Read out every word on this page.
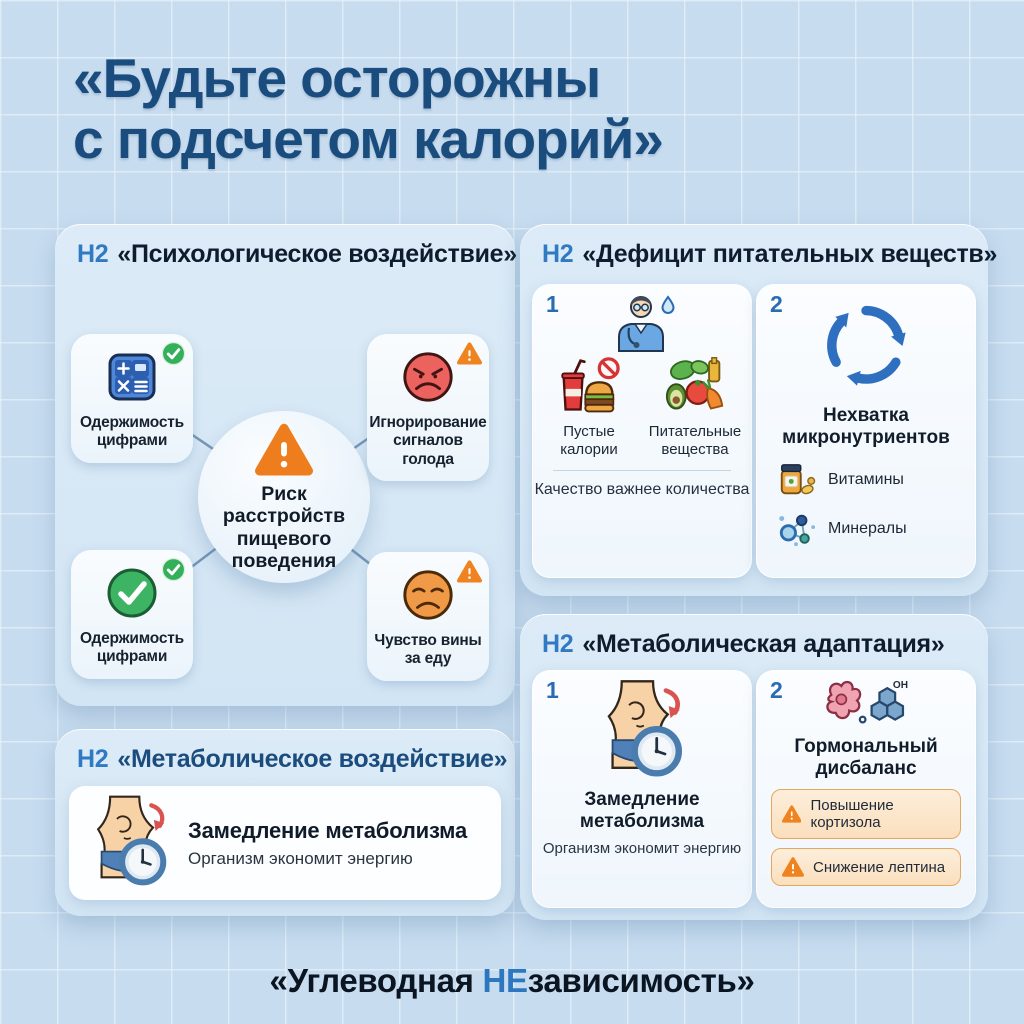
«Будьте осторожны
с подсчетом калорий»
H2 «Психологическое воздействие»
Одержимость цифрами
Игнорирование сигналов голода
Риск расстройств пищевого поведения
Одержимость цифрами
Чувство вины за еду
H2 «Дефицит питательных веществ»
1
Пустые калории
Питательные вещества
Качество важнее количества
2
Нехватка микронутриентов
Витамины
Минералы
H2 «Метаболическое воздействие»
Замедление метаболизма
Организм экономит энергию
H2 «Метаболическая адаптация»
1
Замедление метаболизма
Организм экономит энергию
2	OH
Гормональный дисбаланс
Повышение кортизола
Снижение лептина
«Углеводная НЕзависимость»
